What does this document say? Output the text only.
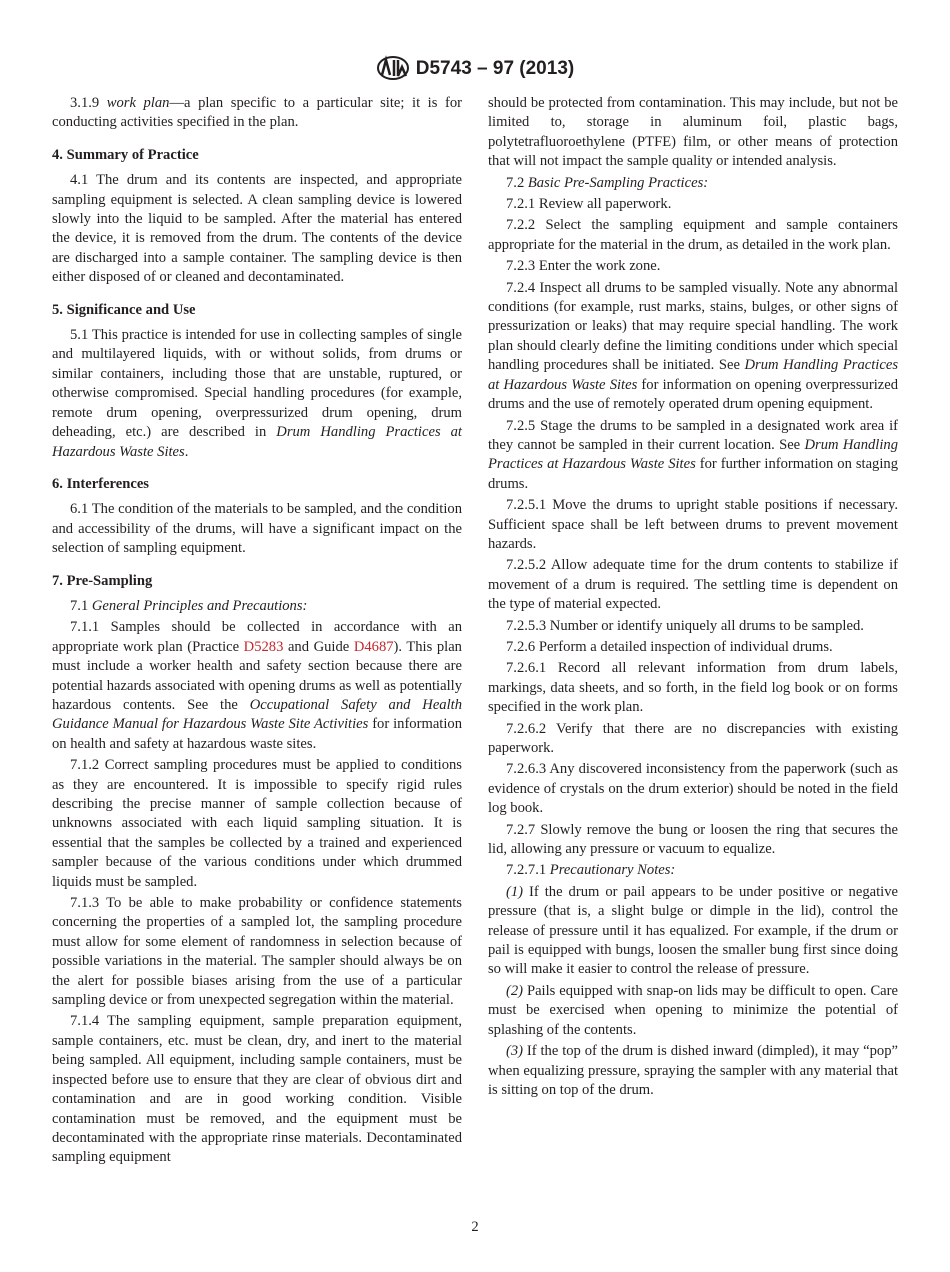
D5743 – 97 (2013)

3.1.9 work plan—a plan specific to a particular site; it is for conducting activities specified in the plan.

4. Summary of Practice

4.1 The drum and its contents are inspected, and appropriate sampling equipment is selected. A clean sampling device is lowered slowly into the liquid to be sampled. After the material has entered the device, it is removed from the drum. The contents of the device are discharged into a sample container. The sampling device is then either disposed of or cleaned and decontaminated.

5. Significance and Use

5.1 This practice is intended for use in collecting samples of single and multilayered liquids, with or without solids, from drums or similar containers, including those that are unstable, ruptured, or otherwise compromised. Special handling procedures (for example, remote drum opening, overpressurized drum opening, drum deheading, etc.) are described in Drum Handling Practices at Hazardous Waste Sites.

6. Interferences

6.1 The condition of the materials to be sampled, and the condition and accessibility of the drums, will have a significant impact on the selection of sampling equipment.

7. Pre-Sampling

7.1 General Principles and Precautions:

7.1.1 Samples should be collected in accordance with an appropriate work plan (Practice D5283 and Guide D4687). This plan must include a worker health and safety section because there are potential hazards associated with opening drums as well as potentially hazardous contents. See the Occupational Safety and Health Guidance Manual for Hazardous Waste Site Activities for information on health and safety at hazardous waste sites.

7.1.2 Correct sampling procedures must be applied to conditions as they are encountered. It is impossible to specify rigid rules describing the precise manner of sample collection because of unknowns associated with each liquid sampling situation. It is essential that the samples be collected by a trained and experienced sampler because of the various conditions under which drummed liquids must be sampled.

7.1.3 To be able to make probability or confidence statements concerning the properties of a sampled lot, the sampling procedure must allow for some element of randomness in selection because of possible variations in the material. The sampler should always be on the alert for possible biases arising from the use of a particular sampling device or from unexpected segregation within the material.

7.1.4 The sampling equipment, sample preparation equipment, sample containers, etc. must be clean, dry, and inert to the material being sampled. All equipment, including sample containers, must be inspected before use to ensure that they are clear of obvious dirt and contamination and are in good working condition. Visible contamination must be removed, and the equipment must be decontaminated with the appropriate rinse materials. Decontaminated sampling equipment

should be protected from contamination. This may include, but not be limited to, storage in aluminum foil, plastic bags, polytetrafluoroethylene (PTFE) film, or other means of protection that will not impact the sample quality or intended analysis.

7.2 Basic Pre-Sampling Practices:

7.2.1 Review all paperwork.

7.2.2 Select the sampling equipment and sample containers appropriate for the material in the drum, as detailed in the work plan.

7.2.3 Enter the work zone.

7.2.4 Inspect all drums to be sampled visually. Note any abnormal conditions (for example, rust marks, stains, bulges, or other signs of pressurization or leaks) that may require special handling. The work plan should clearly define the limiting conditions under which special handling procedures shall be initiated. See Drum Handling Practices at Hazardous Waste Sites for information on opening overpressurized drums and the use of remotely operated drum opening equipment.

7.2.5 Stage the drums to be sampled in a designated work area if they cannot be sampled in their current location. See Drum Handling Practices at Hazardous Waste Sites for further information on staging drums.

7.2.5.1 Move the drums to upright stable positions if necessary. Sufficient space shall be left between drums to prevent movement hazards.

7.2.5.2 Allow adequate time for the drum contents to stabilize if movement of a drum is required. The settling time is dependent on the type of material expected.

7.2.5.3 Number or identify uniquely all drums to be sampled.

7.2.6 Perform a detailed inspection of individual drums.

7.2.6.1 Record all relevant information from drum labels, markings, data sheets, and so forth, in the field log book or on forms specified in the work plan.

7.2.6.2 Verify that there are no discrepancies with existing paperwork.

7.2.6.3 Any discovered inconsistency from the paperwork (such as evidence of crystals on the drum exterior) should be noted in the field log book.

7.2.7 Slowly remove the bung or loosen the ring that secures the lid, allowing any pressure or vacuum to equalize.

7.2.7.1 Precautionary Notes:

(1) If the drum or pail appears to be under positive or negative pressure (that is, a slight bulge or dimple in the lid), control the release of pressure until it has equalized. For example, if the drum or pail is equipped with bungs, loosen the smaller bung first since doing so will make it easier to control the release of pressure.

(2) Pails equipped with snap-on lids may be difficult to open. Care must be exercised when opening to minimize the potential of splashing of the contents.

(3) If the top of the drum is dished inward (dimpled), it may “pop” when equalizing pressure, spraying the sampler with any material that is sitting on top of the drum.

2
